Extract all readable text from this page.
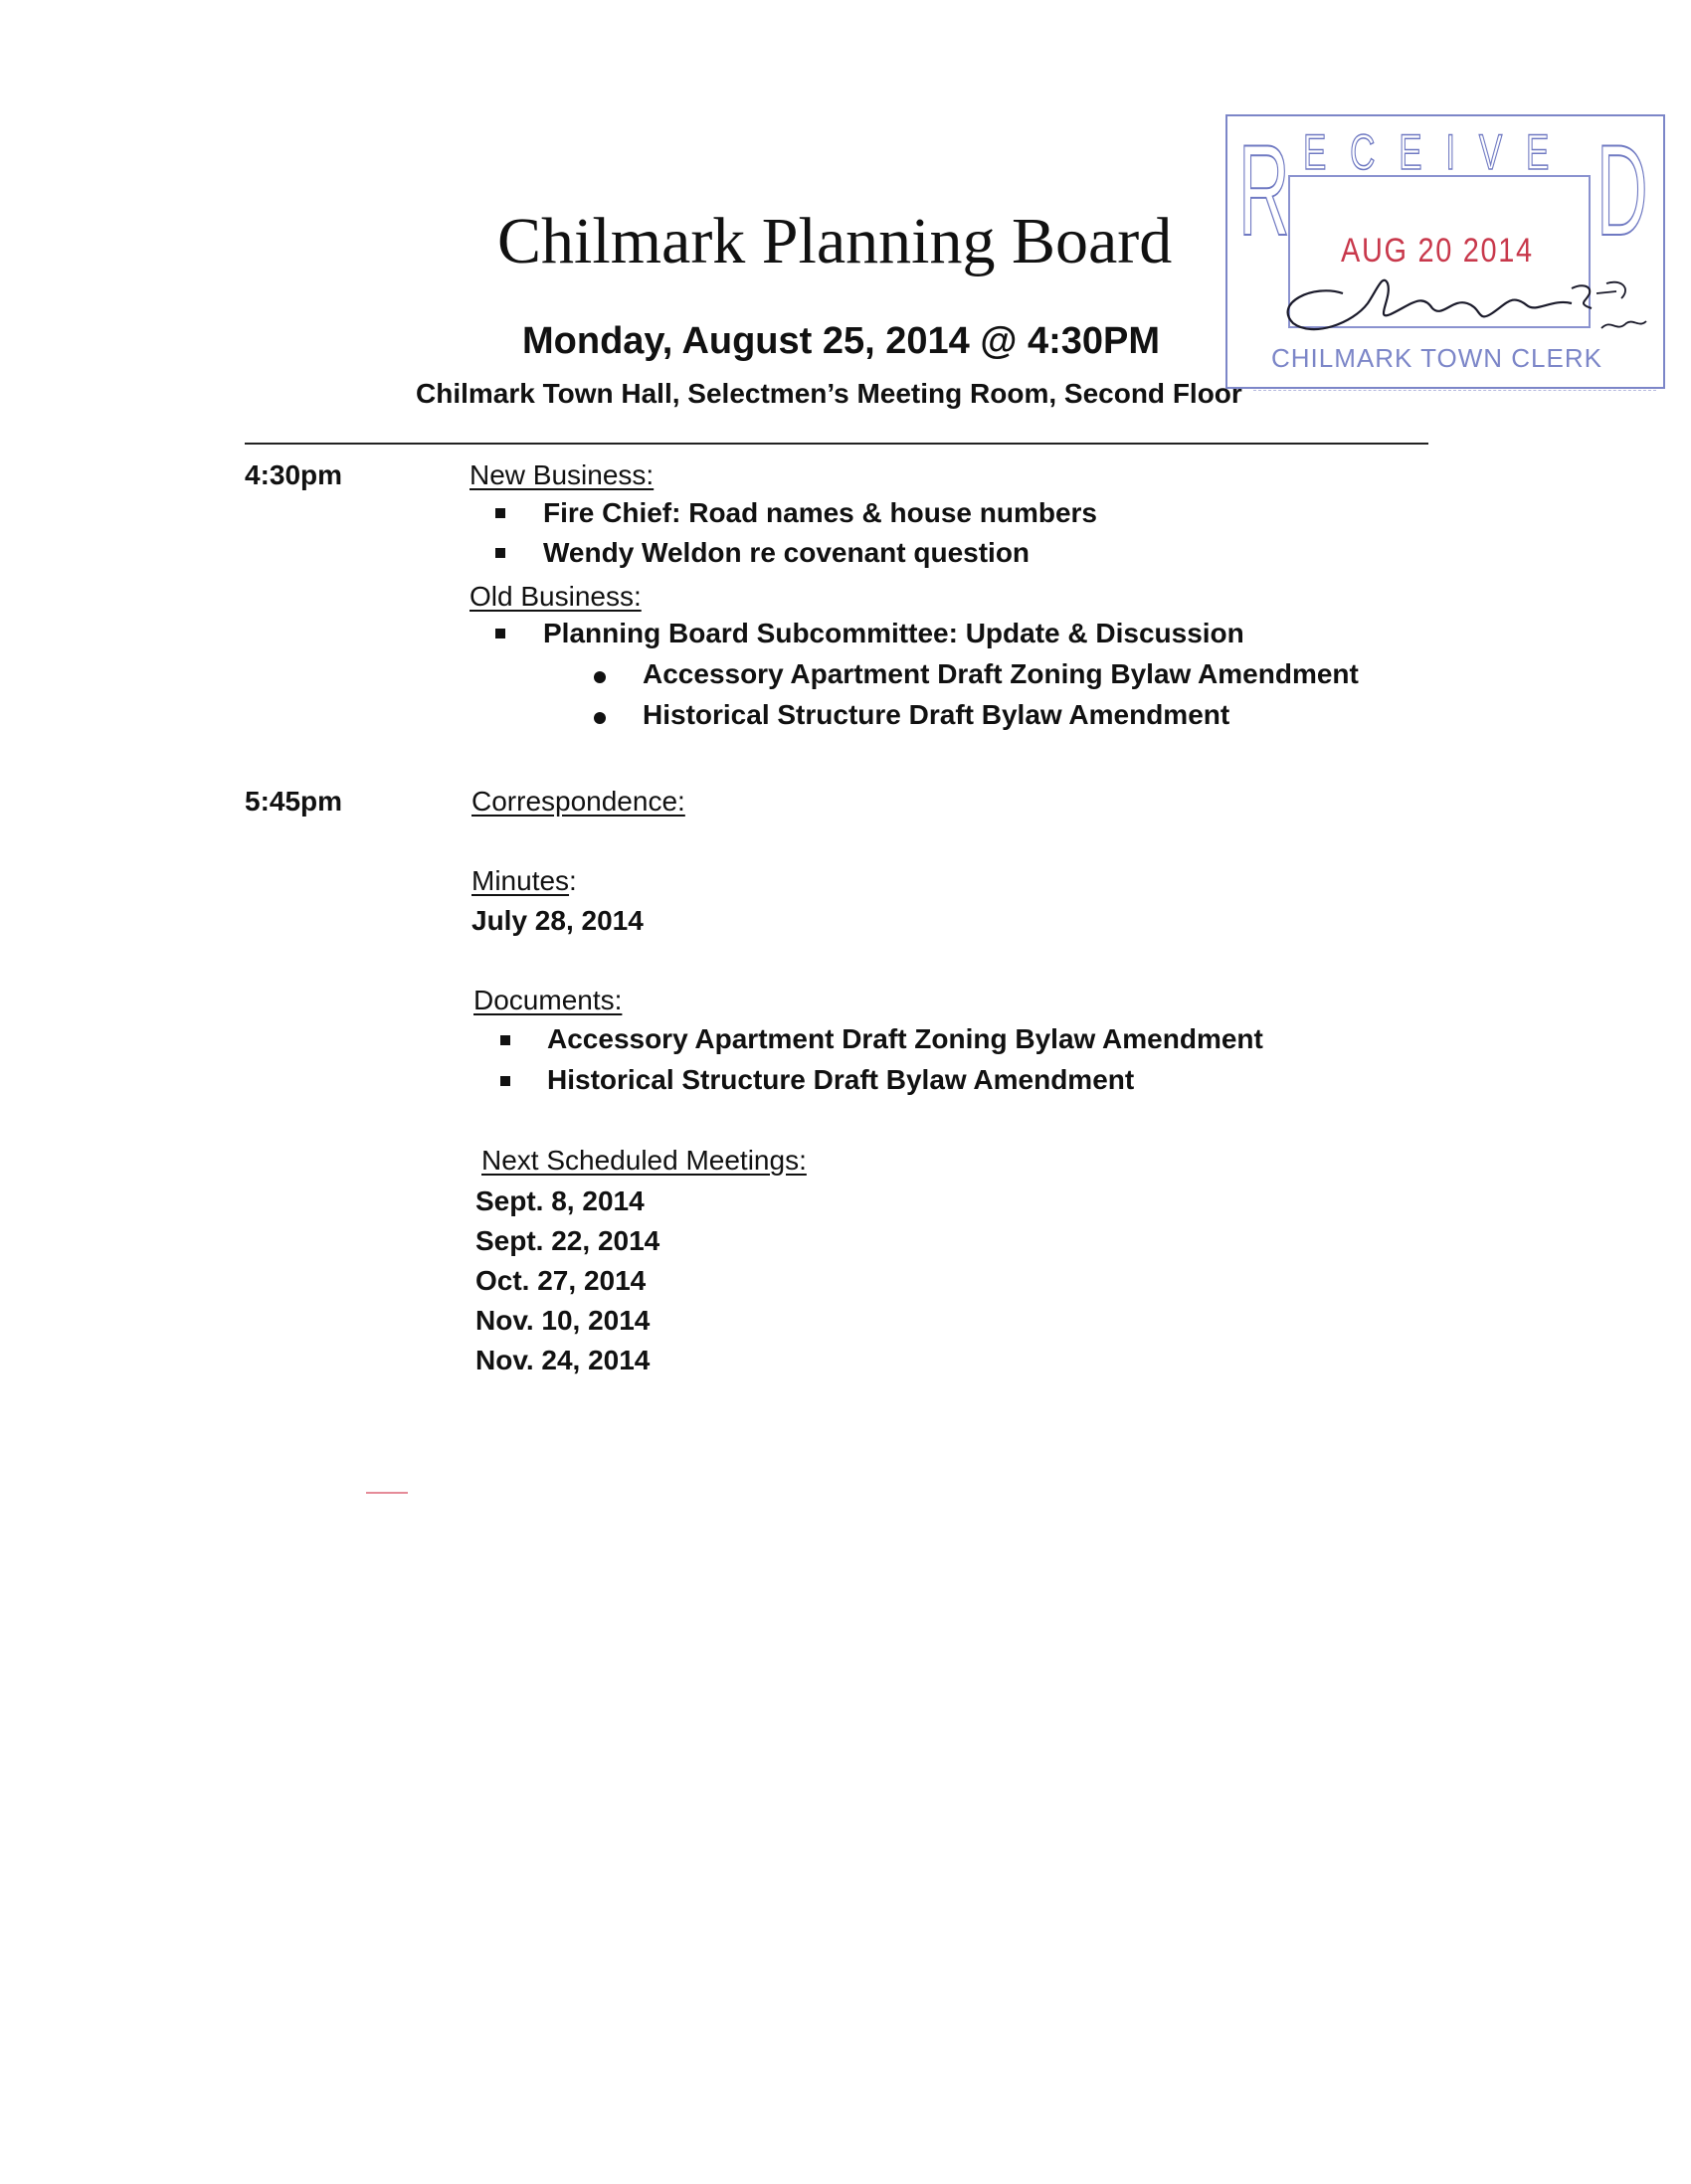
Chilmark Planning Board
Monday, August 25, 2014 @ 4:30PM
Chilmark Town Hall, Selectmen’s Meeting Room, Second Floor
R ECEIVE D
AUG 20 2014
CHILMARK TOWN CLERK
4:30pm	New Business:
Fire Chief: Road names & house numbers
Wendy Weldon re covenant question
Old Business:
Planning Board Subcommittee: Update & Discussion
Accessory Apartment Draft Zoning Bylaw Amendment
Historical Structure Draft Bylaw Amendment
5:45pm	Correspondence:
Minutes:
July 28, 2014
Documents:
Accessory Apartment Draft Zoning Bylaw Amendment
Historical Structure Draft Bylaw Amendment
Next Scheduled Meetings:
Sept. 8, 2014
Sept. 22, 2014
Oct. 27, 2014
Nov. 10, 2014
Nov. 24, 2014
